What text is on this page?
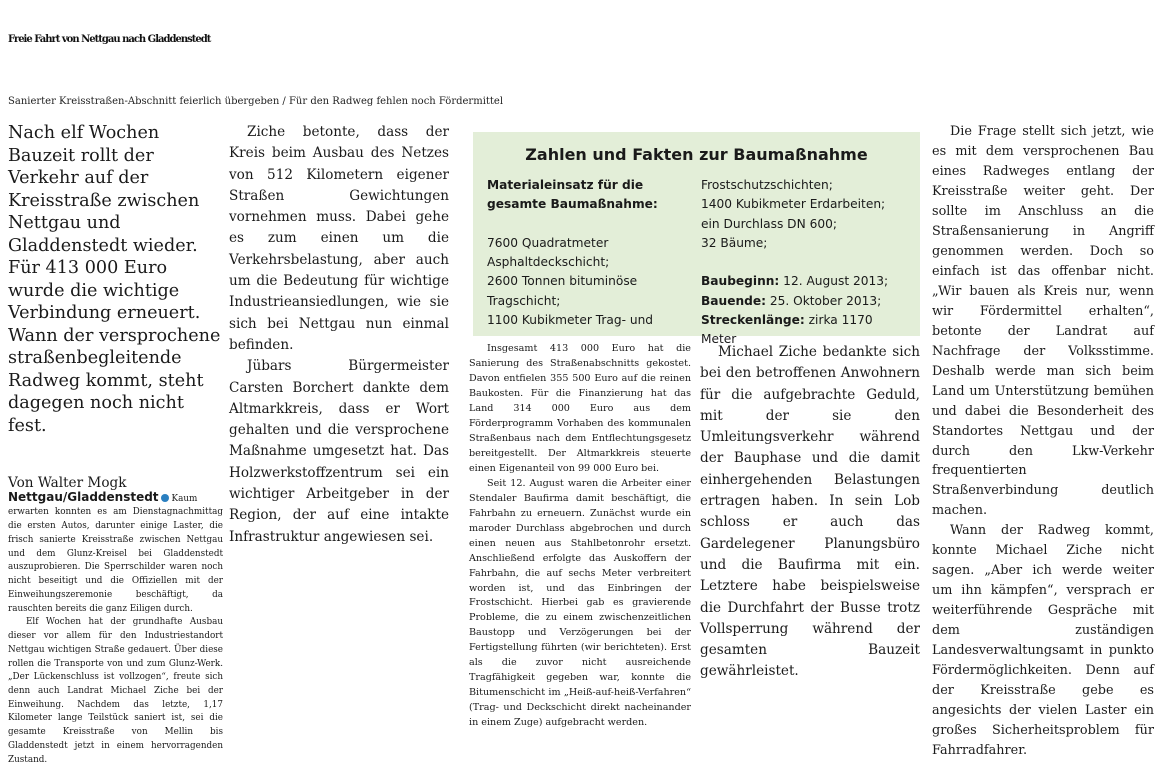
Freie Fahrt von Nettgau nach Gladdenstedt
Sanierter Kreisstraßen-Abschnitt feierlich übergeben / Für den Radweg fehlen noch Fördermittel

Nach elf Wochen Bauzeit rollt der Verkehr auf der Kreisstraße zwischen Nettgau und Gladdenstedt wieder. Für 413 000 Euro wurde die wichtige Verbindung erneuert. Wann der versprochene straßenbegleitende Radweg kommt, steht dagegen noch nicht fest.

Von Walter Mogk

Nettgau/Gladdenstedt Kaum erwarten konnten es am Dienstagnachmittag die ersten Autos, darunter einige Laster, die frisch sanierte Kreisstraße zwischen Nettgau und dem Glunz-Kreisel bei Gladdenstedt auszuprobieren. Die Sperrschilder waren noch nicht beseitigt und die Offiziellen mit der Einweihungszeremonie beschäftigt, da rauschten bereits die ganz Eiligen durch.

Elf Wochen hat der grundhafte Ausbau dieser vor allem für den Industriestandort Nettgau wichtigen Straße gedauert. Über diese rollen die Transporte von und zum Glunz-Werk. „Der Lückenschluss ist vollzogen“, freute sich denn auch Landrat Michael Ziche bei der Einweihung. Nachdem das letzte, 1,17 Kilometer lange Teilstück saniert ist, sei die gesamte Kreisstraße von Mellin bis Gladdenstedt jetzt in einem hervorragenden Zustand.

Ziche betonte, dass der Kreis beim Ausbau des Netzes von 512 Kilometern eigener Straßen Gewichtungen vornehmen muss. Dabei gehe es zum einen um die Verkehrsbelastung, aber auch um die Bedeutung für wichtige Industrieansiedlungen, wie sie sich bei Nettgau nun einmal befinden.

Jübars Bürgermeister Carsten Borchert dankte dem Altmarkkreis, dass er Wort gehalten und die versprochene Maßnahme umgesetzt hat. Das Holzwerkstoffzentrum sei ein wichtiger Arbeitgeber in der Region, der auf eine intakte Infrastruktur angewiesen sei.

Zahlen und Fakten zur Baumaßnahme

Materialeinsatz für die gesamte Baumaßnahme:

7600 Quadratmeter Asphaltdeckschicht;

2600 Tonnen bituminöse Tragschicht;

1100 Kubikmeter Trag- und

Frostschutzschichten;

1400 Kubikmeter Erdarbeiten;

ein Durchlass DN 600;

32 Bäume;

Baubeginn: 12. August 2013;

Bauende: 25. Oktober 2013;

Streckenlänge: zirka 1170 Meter

Insgesamt 413 000 Euro hat die Sanierung des Straßenabschnitts gekostet. Davon entfielen 355 500 Euro auf die reinen Baukosten. Für die Finanzierung hat das Land 314 000 Euro aus dem Förderprogramm Vorhaben des kommunalen Straßenbaus nach dem Entflechtungsgesetz bereitgestellt. Der Altmarkkreis steuerte einen Eigenanteil von 99 000 Euro bei.

Seit 12. August waren die Arbeiter einer Stendaler Baufirma damit beschäftigt, die Fahrbahn zu erneuern. Zunächst wurde ein maroder Durchlass abgebrochen und durch einen neuen aus Stahlbetonrohr ersetzt. Anschließend erfolgte das Auskoffern der Fahrbahn, die auf sechs Meter verbreitert worden ist, und das Einbringen der Frostschicht. Hierbei gab es gravierende Probleme, die zu einem zwischenzeitlichen Baustopp und Verzögerungen bei der Fertigstellung führten (wir berichteten). Erst als die zuvor nicht ausreichende Tragfähigkeit gegeben war, konnte die Bitumenschicht im „Heiß-auf-heiß-Verfahren“ (Trag- und Deckschicht direkt nacheinander in einem Zuge) aufgebracht werden.

Michael Ziche bedankte sich bei den betroffenen Anwohnern für die aufgebrachte Geduld, mit der sie den Umleitungsverkehr während der Bauphase und die damit einhergehenden Belastungen ertragen haben. In sein Lob schloss er auch das Gardelegener Planungsbüro und die Baufirma mit ein. Letztere habe beispielsweise die Durchfahrt der Busse trotz Vollsperrung während der gesamten Bauzeit gewährleistet.

Die Frage stellt sich jetzt, wie es mit dem versprochenen Bau eines Radweges entlang der Kreisstraße weiter geht. Der sollte im Anschluss an die Straßensanierung in Angriff genommen werden. Doch so einfach ist das offenbar nicht. „Wir bauen als Kreis nur, wenn wir Fördermittel erhalten“, betonte der Landrat auf Nachfrage der Volksstimme. Deshalb werde man sich beim Land um Unterstützung bemühen und dabei die Besonderheit des Standortes Nettgau und der durch den Lkw-Verkehr frequentierten Straßenverbindung deutlich machen.

Wann der Radweg kommt, konnte Michael Ziche nicht sagen. „Aber ich werde weiter um ihn kämpfen“, versprach er weiterführende Gespräche mit dem zuständigen Landesverwaltungsamt in punkto Fördermöglichkeiten. Denn auf der Kreisstraße gebe es angesichts der vielen Laster ein großes Sicherheitsproblem für Fahrradfahrer.
